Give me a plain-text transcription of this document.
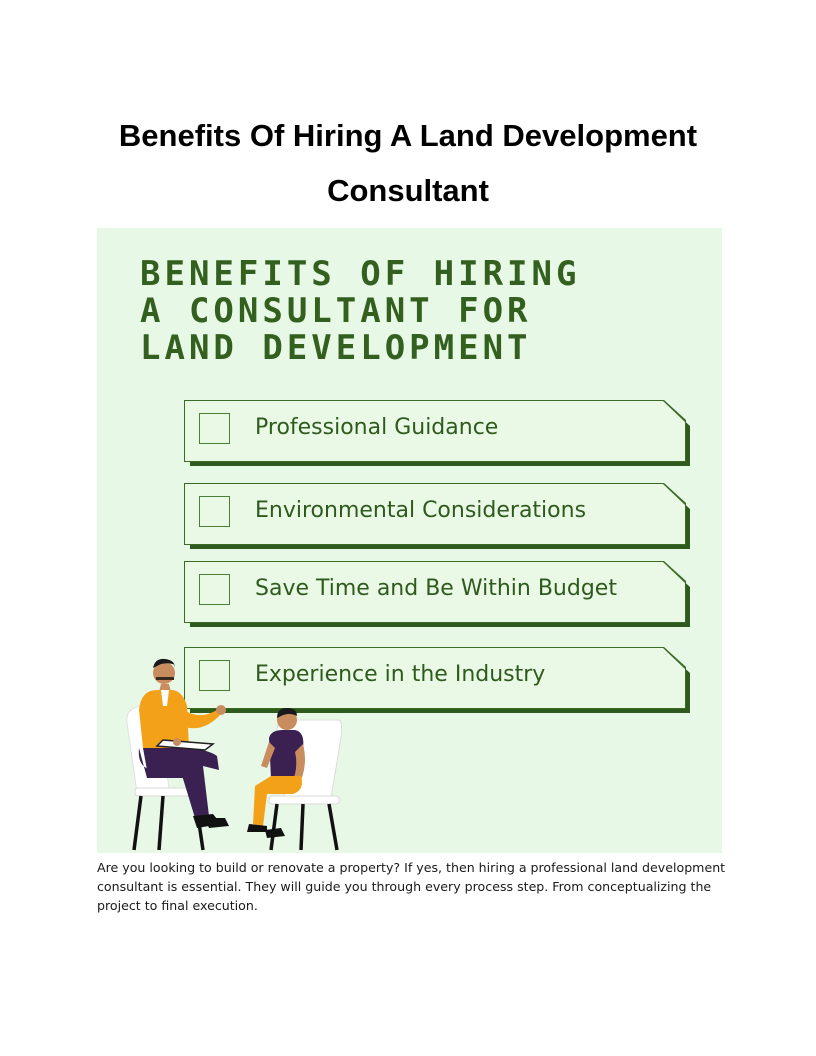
Benefits Of Hiring A Land Development Consultant
BENEFITS OF HIRING
A CONSULTANT FOR
LAND DEVELOPMENT
Professional Guidance
Environmental Considerations
Save Time and Be Within Budget
Experience in the Industry
Are you looking to build or renovate a property? If yes, then hiring a professional land development consultant is essential. They will guide you through every process step. From conceptualizing the project to final execution.
